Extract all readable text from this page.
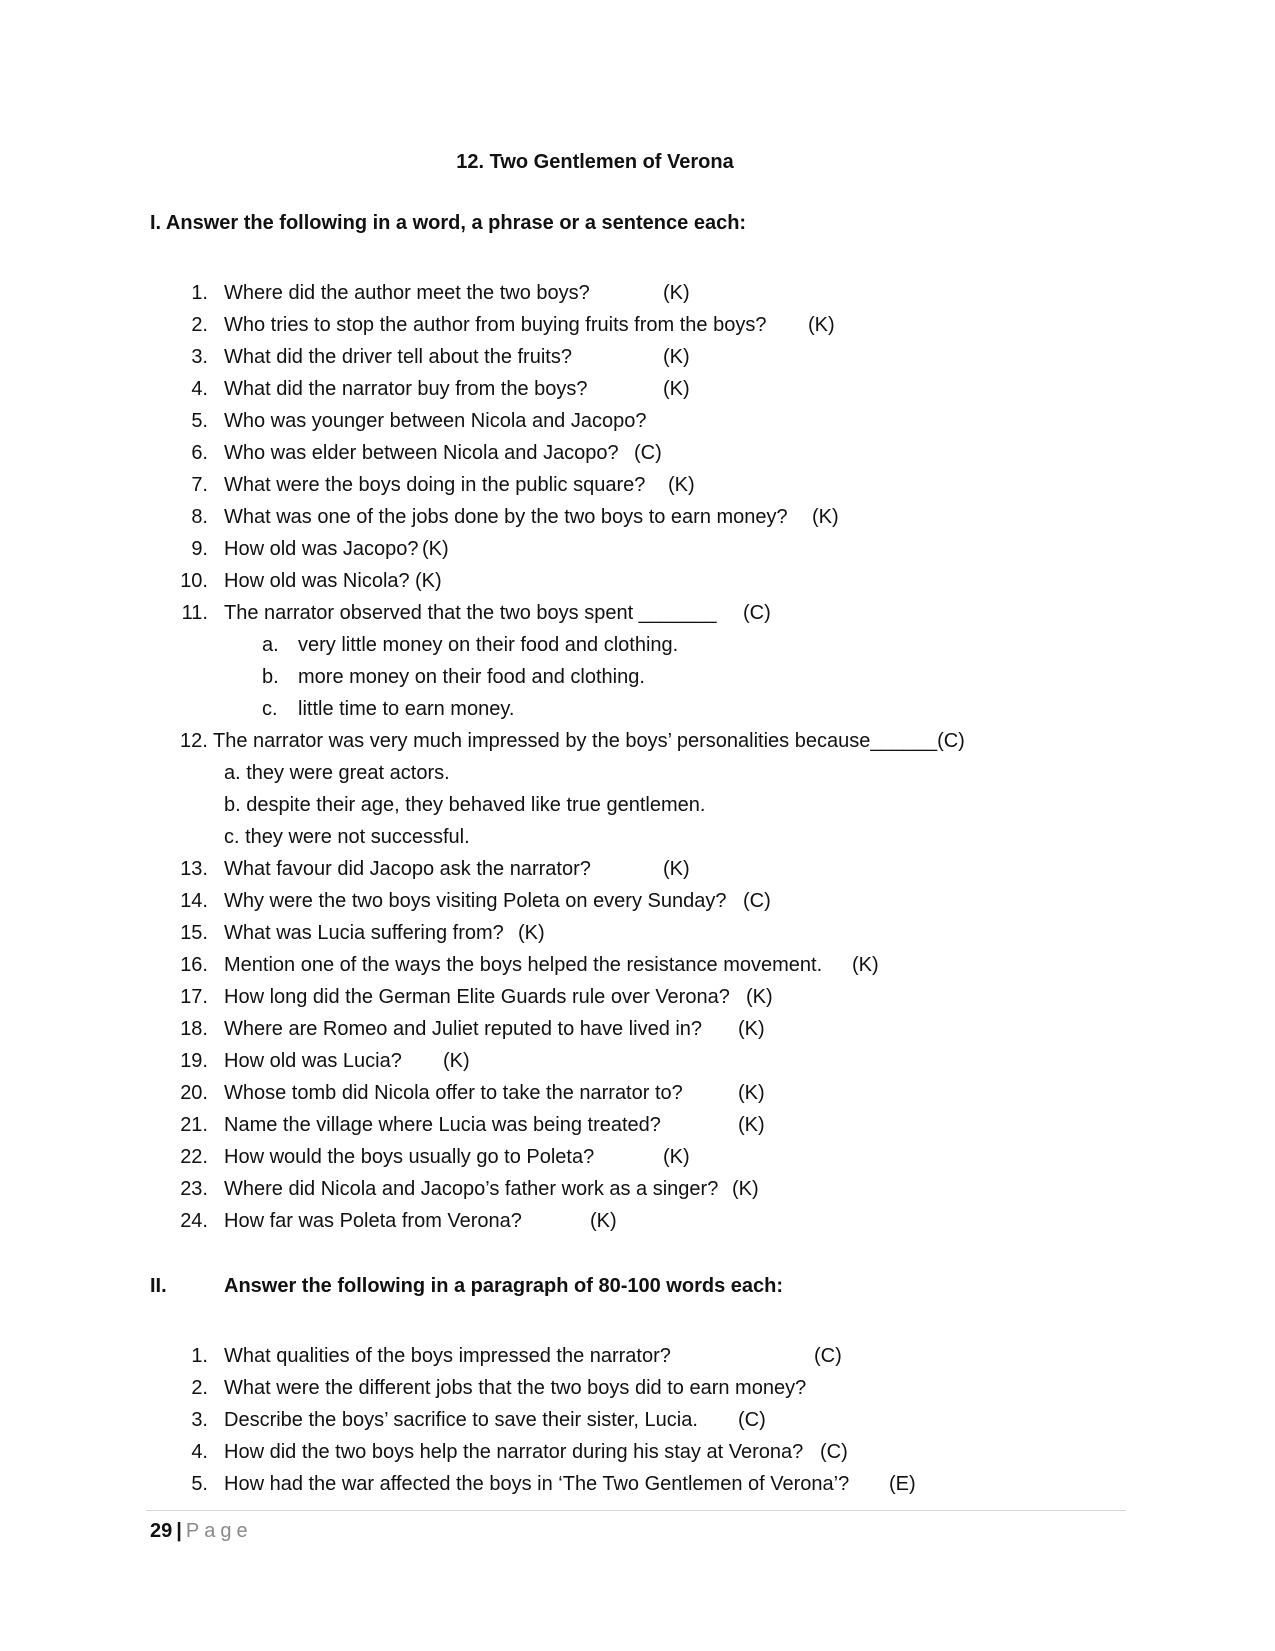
12. Two Gentlemen of Verona
I. Answer the following in a word, a phrase or a sentence each:
1. Where did the author meet the two boys?	(K)
2. Who tries to stop the author from buying fruits from the boys? (K)
3. What did the driver tell about the fruits?	(K)
4. What did the narrator buy from the boys?	(K)
5. Who was younger between Nicola and Jacopo?
6. Who was elder between Nicola and Jacopo? (C)
7. What were the boys doing in the public square? (K)
8. What was one of the jobs done by the two boys to earn money? (K)
9. How old was Jacopo? (K)
10. How old was Nicola? (K)
11. The narrator observed that the two boys spent _______ (C)
a. very little money on their food and clothing.
b. more money on their food and clothing.
c. little time to earn money.
12. The narrator was very much impressed by the boys’ personalities because______(C)
a. they were great actors.
b. despite their age, they behaved like true gentlemen.
c. they were not successful.
13. What favour did Jacopo ask the narrator?	(K)
14. Why were the two boys visiting Poleta on every Sunday? (C)
15. What was Lucia suffering from? (K)
16. Mention one of the ways the boys helped the resistance movement. (K)
17. How long did the German Elite Guards rule over Verona? (K)
18. Where are Romeo and Juliet reputed to have lived in? (K)
19. How old was Lucia? (K)
20. Whose tomb did Nicola offer to take the narrator to?	(K)
21. Name the village where Lucia was being treated?	(K)
22. How would the boys usually go to Poleta?	(K)
23. Where did Nicola and Jacopo’s father work as a singer? (K)
24. How far was Poleta from Verona?	(K)
II.	Answer the following in a paragraph of 80-100 words each:
1. What qualities of the boys impressed the narrator?	(C)
2. What were the different jobs that the two boys did to earn money?
3. Describe the boys’ sacrifice to save their sister, Lucia. (C)
4. How did the two boys help the narrator during his stay at Verona? (C)
5. How had the war affected the boys in ‘The Two Gentlemen of Verona’? (E)
29 | Page
